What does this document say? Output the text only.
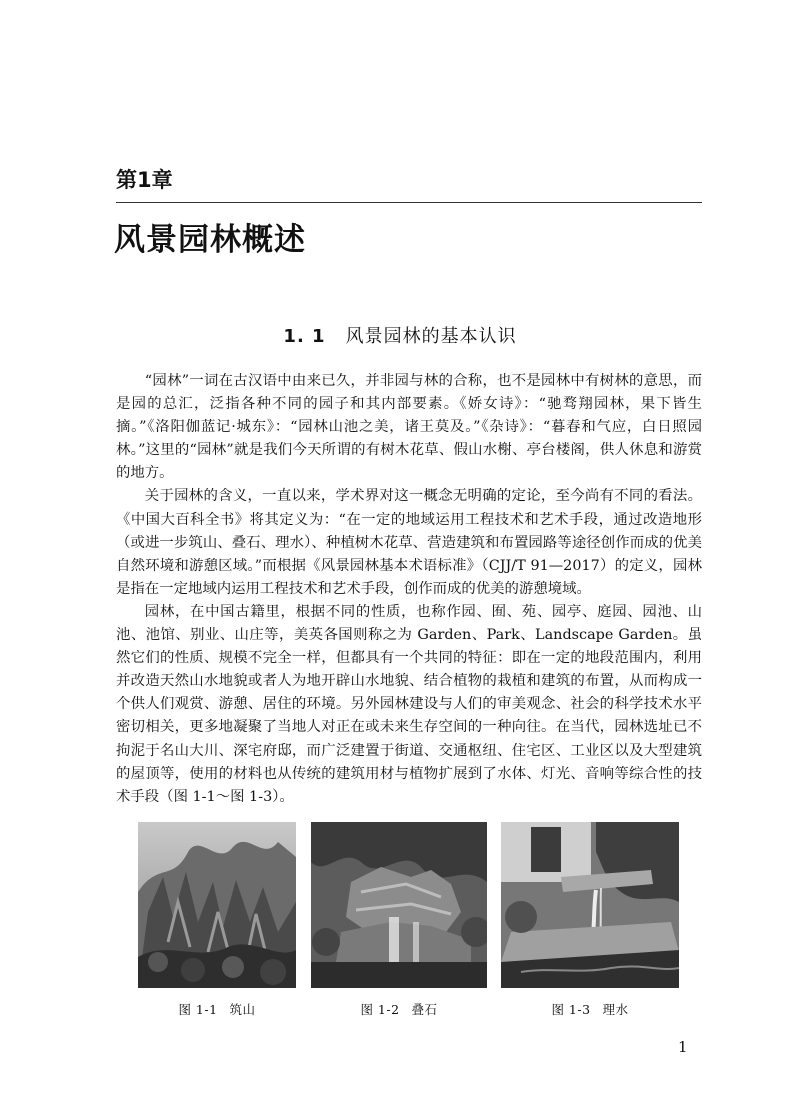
第1章
风景园林概述
1. 1 风景园林的基本认识

“园林”一词在古汉语中由来已久，并非园与林的合称，也不是园林中有树林的意思，而是园的总汇，泛指各种不同的园子和其内部要素。《娇女诗》：“驰骛翔园林，果下皆生摘。”《洛阳伽蓝记·城东》：“园林山池之美，诸王莫及。”《杂诗》：“暮春和气应，白日照园林。”这里的“园林”就是我们今天所谓的有树木花草、假山水榭、亭台楼阁，供人休息和游赏的地方。

关于园林的含义，一直以来，学术界对这一概念无明确的定论，至今尚有不同的看法。《中国大百科全书》将其定义为：“在一定的地域运用工程技术和艺术手段，通过改造地形（或进一步筑山、叠石、理水）、种植树木花草、营造建筑和布置园路等途径创作而成的优美自然环境和游憩区域。”而根据《风景园林基本术语标准》（CJJ/T 91—2017）的定义，园林是指在一定地域内运用工程技术和艺术手段，创作而成的优美的游憩境域。

园林，在中国古籍里，根据不同的性质，也称作园、囿、苑、园亭、庭园、园池、山池、池馆、别业、山庄等，美英各国则称之为 Garden、Park、Landscape Garden。虽然它们的性质、规模不完全一样，但都具有一个共同的特征：即在一定的地段范围内，利用并改造天然山水地貌或者人为地开辟山水地貌、结合植物的栽植和建筑的布置，从而构成一个供人们观赏、游憩、居住的环境。另外园林建设与人们的审美观念、社会的科学技术水平密切相关，更多地凝聚了当地人对正在或未来生存空间的一种向往。在当代，园林选址已不拘泥于名山大川、深宅府邸，而广泛建置于街道、交通枢纽、住宅区、工业区以及大型建筑的屋顶等，使用的材料也从传统的建筑用材与植物扩展到了水体、灯光、音响等综合性的技术手段（图 1-1～图 1-3）。

图 1-1 筑山	图 1-2 叠石	图 1-3 理水
1
